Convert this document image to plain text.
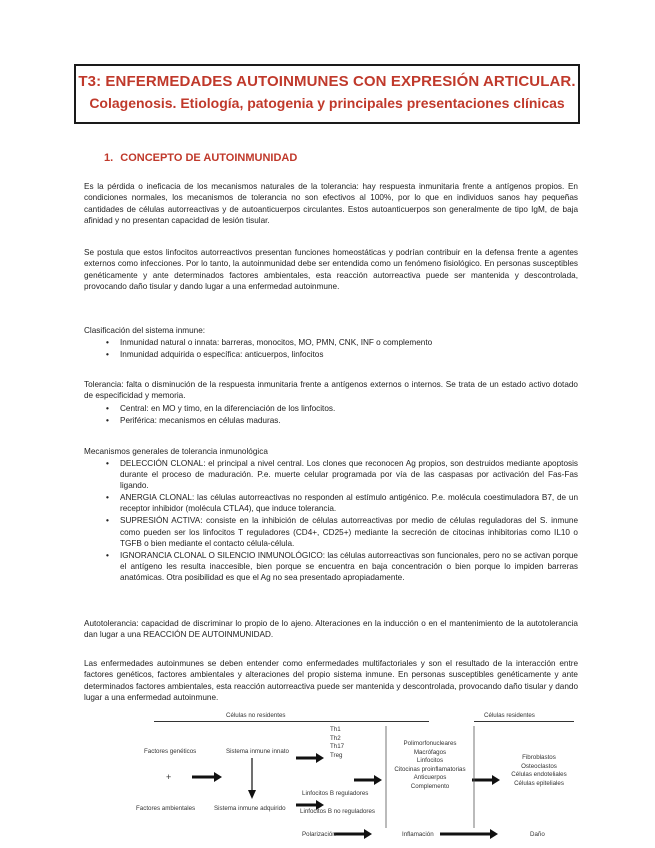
T3: ENFERMEDADES AUTOINMUNES CON EXPRESIÓN ARTICULAR.
Colagenosis. Etiología, patogenia y principales presentaciones clínicas
1. CONCEPTO DE AUTOINMUNIDAD
Es la pérdida o ineficacia de los mecanismos naturales de la tolerancia: hay respuesta inmunitaria frente a antígenos propios. En condiciones normales, los mecanismos de tolerancia no son efectivos al 100%, por lo que en individuos sanos hay pequeñas cantidades de células autorreactivas y de autoanticuerpos circulantes. Estos autoanticuerpos son generalmente de tipo IgM, de baja afinidad y no presentan capacidad de lesión tisular.
Se postula que estos linfocitos autorreactivos presentan funciones homeostáticas y podrían contribuir en la defensa frente a agentes externos como infecciones. Por lo tanto, la autoinmunidad debe ser entendida como un fenómeno fisiológico. En personas susceptibles genéticamente y ante determinados factores ambientales, esta reacción autorreactiva puede ser mantenida y descontrolada, provocando daño tisular y dando lugar a una enfermedad autoinmune.
Clasificación del sistema inmune:
• Inmunidad natural o innata: barreras, monocitos, MO, PMN, CNK, INF o complemento
• Inmunidad adquirida o específica: anticuerpos, linfocitos
Tolerancia: falta o disminución de la respuesta inmunitaria frente a antígenos externos o internos. Se trata de un estado activo dotado de especificidad y memoria.
• Central: en MO y timo, en la diferenciación de los linfocitos.
• Periférica: mecanismos en células maduras.
Mecanismos generales de tolerancia inmunológica
• DELECCIÓN CLONAL: el principal a nivel central. Los clones que reconocen Ag propios, son destruidos mediante apoptosis durante el proceso de maduración. P.e. muerte celular programada por vía de las caspasas por activación del Fas-Fas ligando.
• ANERGIA CLONAL: las células autorreactivas no responden al estímulo antigénico. P.e. molécula coestimuladora B7, de un receptor inhibidor (molécula CTLA4), que induce tolerancia.
• SUPRESIÓN ACTIVA: consiste en la inhibición de células autorreactivas por medio de células reguladoras del S. inmune como pueden ser los linfocitos T reguladores (CD4+, CD25+) mediante la secreción de citocinas inhibitorias como IL10 o TGFB o bien mediante el contacto célula-célula.
• IGNORANCIA CLONAL O SILENCIO INMUNOLÓGICO: las células autorreactivas son funcionales, pero no se activan porque el antígeno les resulta inaccesible, bien porque se encuentra en baja concentración o bien porque lo impiden barreras anatómicas. Otra posibilidad es que el Ag no sea presentado apropiadamente.
Autotolerancia: capacidad de discriminar lo propio de lo ajeno. Alteraciones en la inducción o en el mantenimiento de la autotolerancia dan lugar a una REACCIÓN DE AUTOINMUNIDAD.
Las enfermedades autoinmunes se deben entender como enfermedades multifactoriales y son el resultado de la interacción entre factores genéticos, factores ambientales y alteraciones del propio sistema inmune. En personas susceptibles genéticamente y ante determinados factores ambientales, esta reacción autorreactiva puede ser mantenida y descontrolada, provocando daño tisular y dando lugar a una enfermedad autoinmune.
Células no residentes	Células residentes
Factores genéticos
+
Factores ambientales
Sistema inmune innato
Sistema inmune adquirido
Th1
Th2
Th17
Treg
Linfocitos B reguladores
Linfocitos B no reguladores
Polimorfonucleares
Macrófagos
Linfocitos
Citocinas proinflamatorias
Anticuerpos
Complemento
Fibroblastos
Osteoclastos
Células endoteliales
Células epiteliales
Polarización	Inflamación	Daño
